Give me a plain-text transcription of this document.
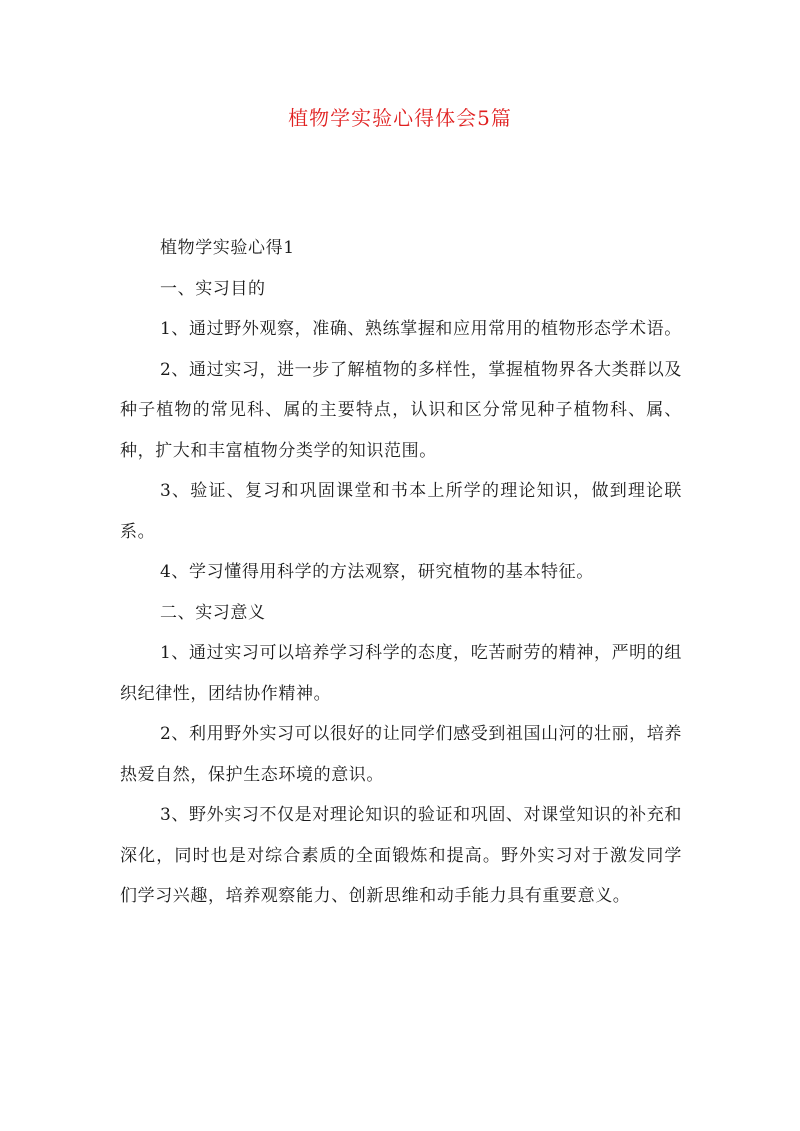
植物学实验心得体会5篇

植物学实验心得1

一、实习目的

1、通过野外观察，准确、熟练掌握和应用常用的植物形态学术语。

2、通过实习，进一步了解植物的多样性，掌握植物界各大类群以及种子植物的常见科、属的主要特点，认识和区分常见种子植物科、属、种，扩大和丰富植物分类学的知识范围。

3、验证、复习和巩固课堂和书本上所学的理论知识，做到理论联系。

4、学习懂得用科学的方法观察，研究植物的基本特征。

二、实习意义

1、通过实习可以培养学习科学的态度，吃苦耐劳的精神，严明的组织纪律性，团结协作精神。

2、利用野外实习可以很好的让同学们感受到祖国山河的壮丽，培养热爱自然，保护生态环境的意识。

3、野外实习不仅是对理论知识的验证和巩固、对课堂知识的补充和深化，同时也是对综合素质的全面锻炼和提高。野外实习对于激发同学们学习兴趣，培养观察能力、创新思维和动手能力具有重要意义。
